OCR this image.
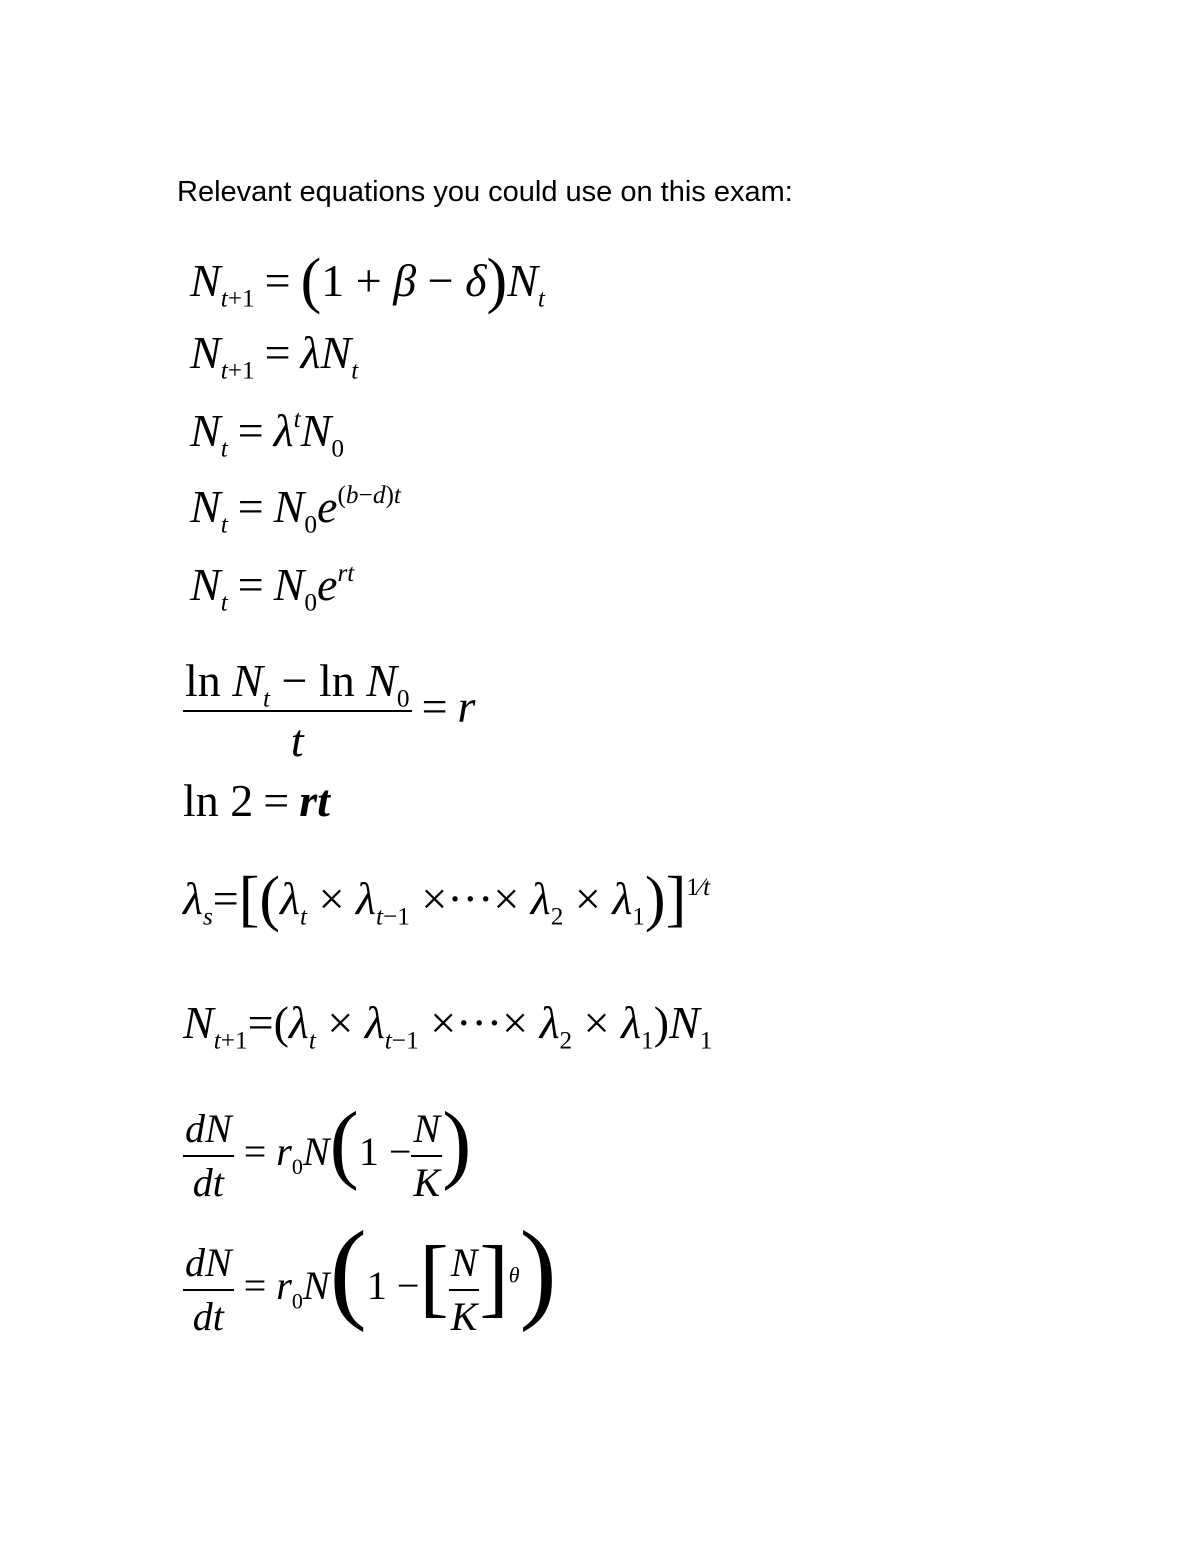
Relevant equations you could use on this exam:
$N_{t+1} = (1 + \beta - \delta)N_t$
$N_{t+1} = \lambda N_t$
$N_t = \lambda^tN_0$
$N_t = N_0e^{(b-d)t}$
$N_t = N_0e^{rt}$
$\frac{\ln N_t - \ln N_0}{t} = r$
ln 2 = rt
$\lambda_s=[(\lambda_t \times \lambda_{t-1}$ ×···× $\lambda_2 \times \lambda_1)]^{1⁄t}$
$N_{t+1}=(\lambda_t \times \lambda_{t-1}$ ×···× $\lambda_2 \times \lambda_1)N_1$
$\frac{dN}{dt} = r_0N(1 - \frac{N}{K}$ )
$\frac{dN}{dt} = r_0N(1$ −[ $\frac{N}{K} ]^\theta$)
